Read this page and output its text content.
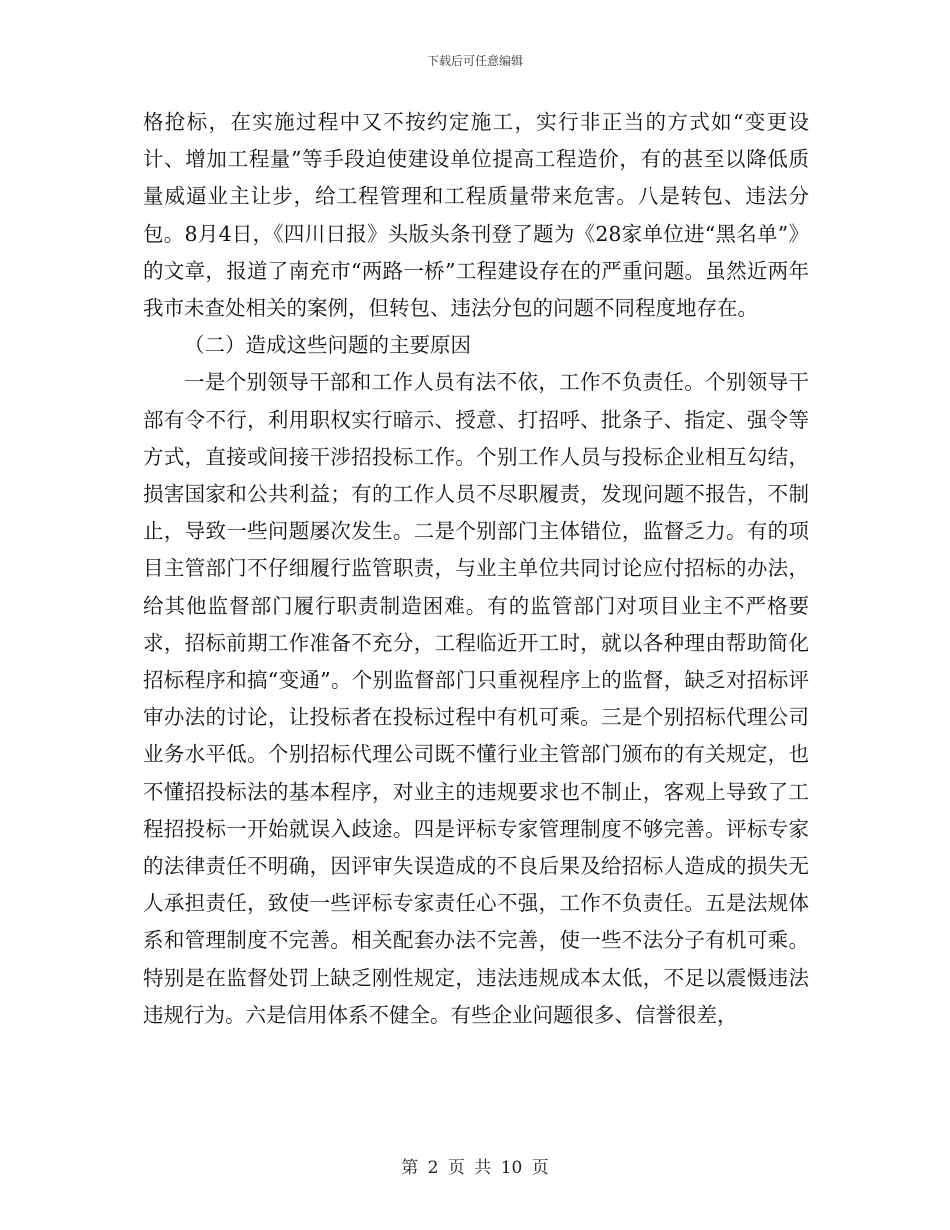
下载后可任意编辑

格抢标，在实施过程中又不按约定施工，实行非正当的方式如“变更设计、增加工程量”等手段迫使建设单位提高工程造价，有的甚至以降低质量威逼业主让步，给工程管理和工程质量带来危害。八是转包、违法分包。8月4日，《四川日报》头版头条刊登了题为《28家单位进“黑名单”》的文章，报道了南充市“两路一桥”工程建设存在的严重问题。虽然近两年我市未查处相关的案例，但转包、违法分包的问题不同程度地存在。

（二）造成这些问题的主要原因

一是个别领导干部和工作人员有法不依，工作不负责任。个别领导干部有令不行，利用职权实行暗示、授意、打招呼、批条子、指定、强令等方式，直接或间接干涉招投标工作。个别工作人员与投标企业相互勾结，损害国家和公共利益；有的工作人员不尽职履责，发现问题不报告，不制止，导致一些问题屡次发生。二是个别部门主体错位，监督乏力。有的项目主管部门不仔细履行监管职责，与业主单位共同讨论应付招标的办法，给其他监督部门履行职责制造困难。有的监管部门对项目业主不严格要求，招标前期工作准备不充分，工程临近开工时，就以各种理由帮助简化招标程序和搞“变通”。个别监督部门只重视程序上的监督，缺乏对招标评审办法的讨论，让投标者在投标过程中有机可乘。三是个别招标代理公司业务水平低。个别招标代理公司既不懂行业主管部门颁布的有关规定，也不懂招投标法的基本程序，对业主的违规要求也不制止，客观上导致了工程招投标一开始就误入歧途。四是评标专家管理制度不够完善。评标专家的法律责任不明确，因评审失误造成的不良后果及给招标人造成的损失无人承担责任，致使一些评标专家责任心不强，工作不负责任。五是法规体系和管理制度不完善。相关配套办法不完善，使一些不法分子有机可乘。特别是在监督处罚上缺乏刚性规定，违法违规成本太低，不足以震慑违法违规行为。六是信用体系不健全。有些企业问题很多、信誉很差，

第 2 页 共 10 页
